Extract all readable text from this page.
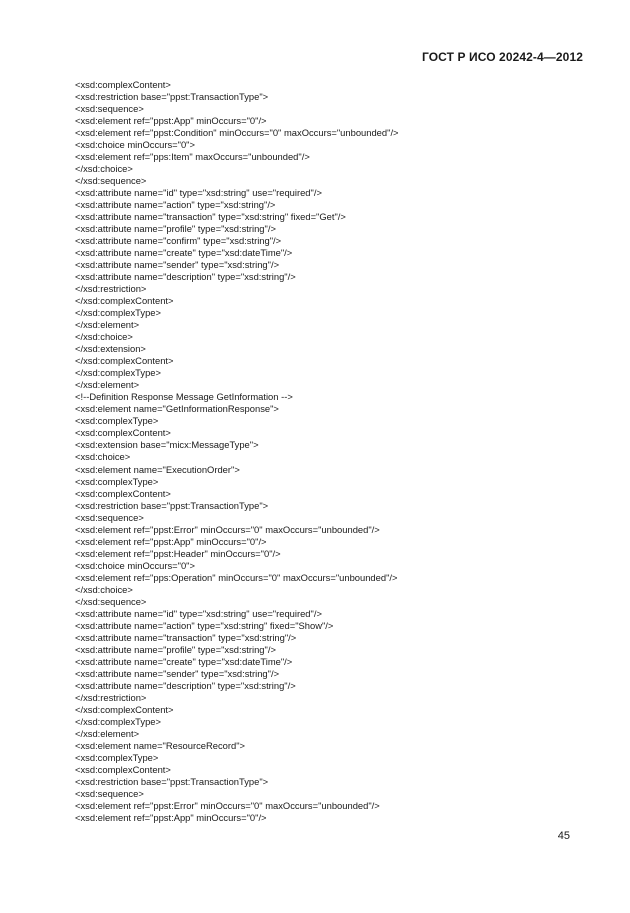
ГОСТ Р ИСО 20242-4—2012
<xsd:complexContent>
<xsd:restriction base="ppst:TransactionType">
<xsd:sequence>
<xsd:element ref="ppst:App" minOccurs="0"/>
<xsd:element ref="ppst:Condition" minOccurs="0" maxOccurs="unbounded"/>
<xsd:choice minOccurs="0">
<xsd:element ref="pps:Item" maxOccurs="unbounded"/>
</xsd:choice>
</xsd:sequence>
<xsd:attribute name="id" type="xsd:string" use="required"/>
<xsd:attribute name="action" type="xsd:string"/>
<xsd:attribute name="transaction" type="xsd:string" fixed="Get"/>
<xsd:attribute name="profile" type="xsd:string"/>
<xsd:attribute name="confirm" type="xsd:string"/>
<xsd:attribute name="create" type="xsd:dateTime"/>
<xsd:attribute name="sender" type="xsd:string"/>
<xsd:attribute name="description" type="xsd:string"/>
</xsd:restriction>
</xsd:complexContent>
</xsd:complexType>
</xsd:element>
</xsd:choice>
</xsd:extension>
</xsd:complexContent>
</xsd:complexType>
</xsd:element>
<!--Definition Response Message GetInformation -->
<xsd:element name="GetInformationResponse">
<xsd:complexType>
<xsd:complexContent>
<xsd:extension base="micx:MessageType">
<xsd:choice>
<xsd:element name="ExecutionOrder">
<xsd:complexType>
<xsd:complexContent>
<xsd:restriction base="ppst:TransactionType">
<xsd:sequence>
<xsd:element ref="ppst:Error" minOccurs="0" maxOccurs="unbounded"/>
<xsd:element ref="ppst:App" minOccurs="0"/>
<xsd:element ref="ppst:Header" minOccurs="0"/>
<xsd:choice minOccurs="0">
<xsd:element ref="pps:Operation" minOccurs="0" maxOccurs="unbounded"/>
</xsd:choice>
</xsd:sequence>
<xsd:attribute name="id" type="xsd:string" use="required"/>
<xsd:attribute name="action" type="xsd:string" fixed="Show"/>
<xsd:attribute name="transaction" type="xsd:string"/>
<xsd:attribute name="profile" type="xsd:string"/>
<xsd:attribute name="create" type="xsd:dateTime"/>
<xsd:attribute name="sender" type="xsd:string"/>
<xsd:attribute name="description" type="xsd:string"/>
</xsd:restriction>
</xsd:complexContent>
</xsd:complexType>
</xsd:element>
<xsd:element name="ResourceRecord">
<xsd:complexType>
<xsd:complexContent>
<xsd:restriction base="ppst:TransactionType">
<xsd:sequence>
<xsd:element ref="ppst:Error" minOccurs="0" maxOccurs="unbounded"/>
<xsd:element ref="ppst:App" minOccurs="0"/>
45
